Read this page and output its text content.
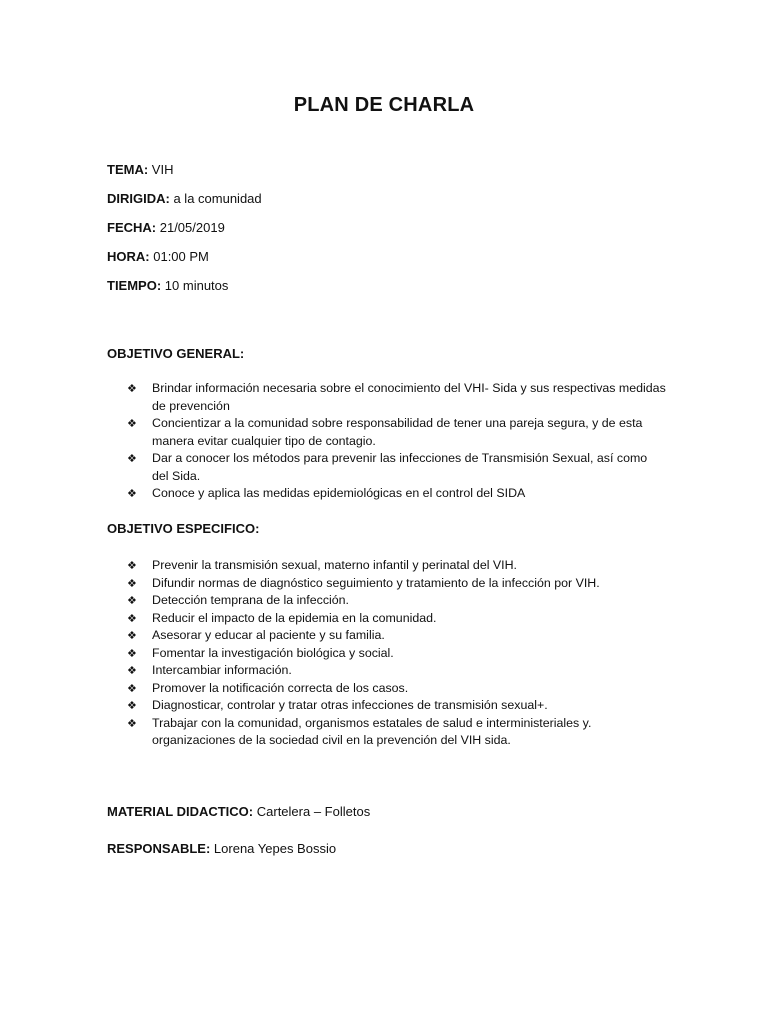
PLAN DE CHARLA
TEMA: VIH
DIRIGIDA: a la comunidad
FECHA: 21/05/2019
HORA: 01:00 PM
TIEMPO: 10 minutos
OBJETIVO GENERAL:
❖ Brindar información necesaria sobre el conocimiento del VHI- Sida y sus respectivas medidas de prevención
❖ Concientizar a la comunidad sobre responsabilidad de tener una pareja segura, y de esta manera evitar cualquier tipo de contagio.
❖ Dar a conocer los métodos para prevenir las infecciones de Transmisión Sexual, así como del Sida.
❖ Conoce y aplica las medidas epidemiológicas en el control del SIDA
OBJETIVO ESPECIFICO:
❖ Prevenir la transmisión sexual, materno infantil y perinatal del VIH.
❖ Difundir normas de diagnóstico seguimiento y tratamiento de la infección por VIH.
❖ Detección temprana de la infección.
❖ Reducir el impacto de la epidemia en la comunidad.
❖ Asesorar y educar al paciente y su familia.
❖ Fomentar la investigación biológica y social.
❖ Intercambiar información.
❖ Promover la notificación correcta de los casos.
❖ Diagnosticar, controlar y tratar otras infecciones de transmisión sexual+.
❖ Trabajar con la comunidad, organismos estatales de salud e interministeriales y. organizaciones de la sociedad civil en la prevención del VIH sida.
MATERIAL DIDACTICO: Cartelera – Folletos
RESPONSABLE: Lorena Yepes Bossio
